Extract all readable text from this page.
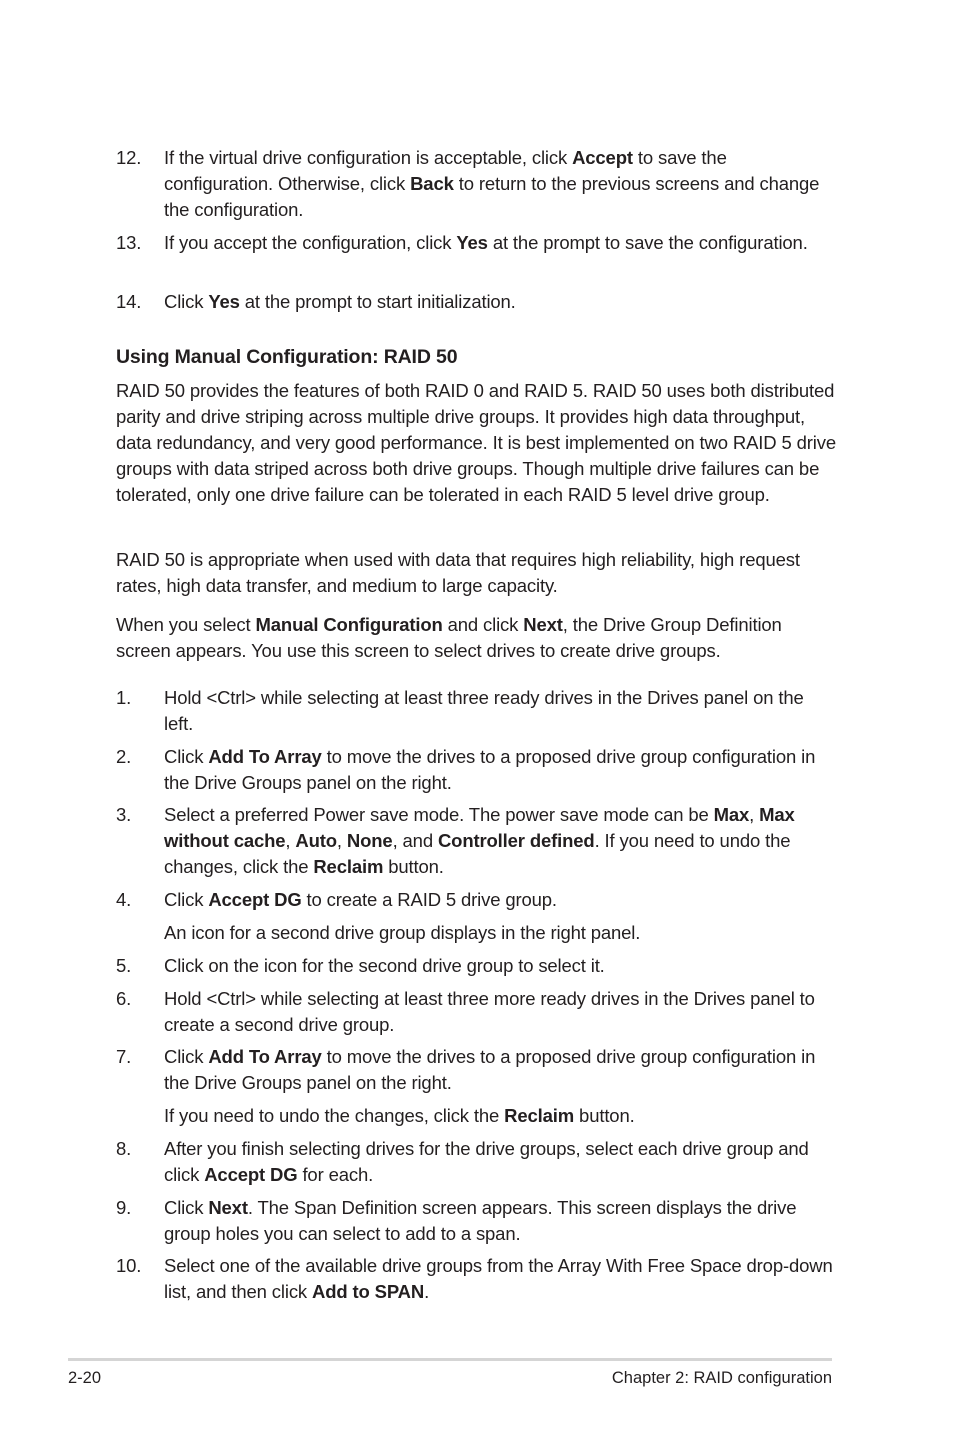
12. If the virtual drive configuration is acceptable, click Accept to save the configuration. Otherwise, click Back to return to the previous screens and change the configuration.
13. If you accept the configuration, click Yes at the prompt to save the configuration.
14. Click Yes at the prompt to start initialization.
Using Manual Configuration: RAID 50

RAID 50 provides the features of both RAID 0 and RAID 5. RAID 50 uses both distributed parity and drive striping across multiple drive groups. It provides high data throughput, data redundancy, and very good performance. It is best implemented on two RAID 5 drive groups with data striped across both drive groups. Though multiple drive failures can be tolerated, only one drive failure can be tolerated in each RAID 5 level drive group.

RAID 50 is appropriate when used with data that requires high reliability, high request rates, high data transfer, and medium to large capacity.

When you select Manual Configuration and click Next, the Drive Group Definition screen appears. You use this screen to select drives to create drive groups.

1. Hold <Ctrl> while selecting at least three ready drives in the Drives panel on the left.
2. Click Add To Array to move the drives to a proposed drive group configuration in the Drive Groups panel on the right.
3. Select a preferred Power save mode. The power save mode can be Max, Max without cache, Auto, None, and Controller defined. If you need to undo the changes, click the Reclaim button.
4. Click Accept DG to create a RAID 5 drive group.
An icon for a second drive group displays in the right panel.
5. Click on the icon for the second drive group to select it.
6. Hold <Ctrl> while selecting at least three more ready drives in the Drives panel to create a second drive group.
7. Click Add To Array to move the drives to a proposed drive group configuration in the Drive Groups panel on the right.
If you need to undo the changes, click the Reclaim button.
8. After you finish selecting drives for the drive groups, select each drive group and click Accept DG for each.
9. Click Next. The Span Definition screen appears. This screen displays the drive group holes you can select to add to a span.
10. Select one of the available drive groups from the Array With Free Space drop-down list, and then click Add to SPAN.
2-20	Chapter 2: RAID configuration
